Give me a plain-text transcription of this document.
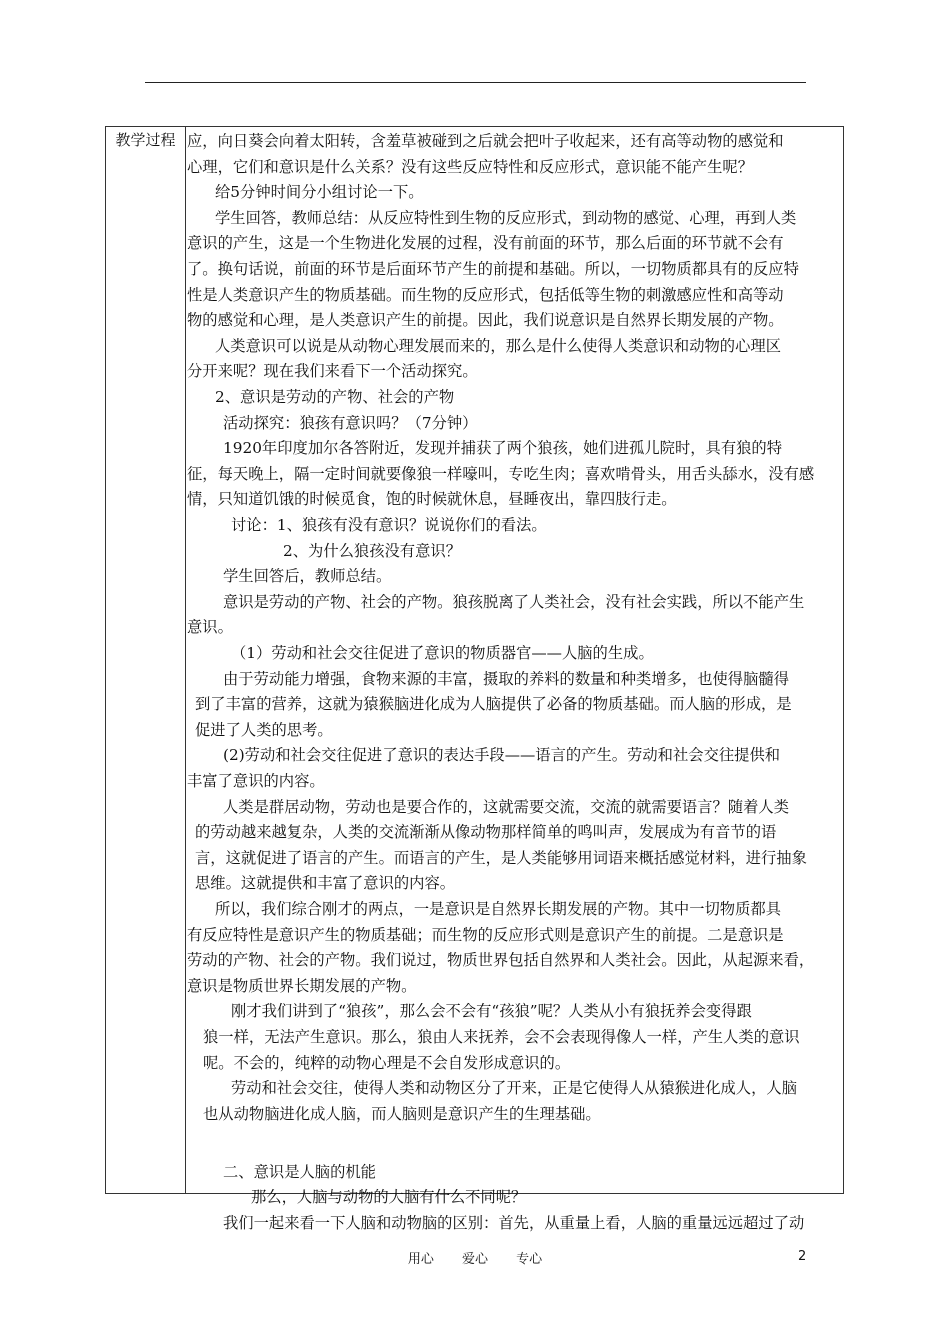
教学过程 应，向日葵会向着太阳转，含羞草被碰到之后就会把叶子收起来，还有高等动物的感觉和
心理，它们和意识是什么关系？没有这些反应特性和反应形式，意识能不能产生呢？
给5分钟时间分小组讨论一下。
学生回答，教师总结：从反应特性到生物的反应形式，到动物的感觉、心理，再到人类
意识的产生，这是一个生物进化发展的过程，没有前面的环节，那么后面的环节就不会有
了。换句话说，前面的环节是后面环节产生的前提和基础。所以，一切物质都具有的反应特
性是人类意识产生的物质基础。而生物的反应形式，包括低等生物的刺激感应性和高等动
物的感觉和心理，是人类意识产生的前提。因此，我们说意识是自然界长期发展的产物。
人类意识可以说是从动物心理发展而来的，那么是什么使得人类意识和动物的心理区
分开来呢？现在我们来看下一个活动探究。
2、意识是劳动的产物、社会的产物
活动探究：狼孩有意识吗？（7分钟）
1920年印度加尔各答附近，发现并捕获了两个狼孩，她们进孤儿院时，具有狼的特
征，每天晚上，隔一定时间就要像狼一样嚎叫，专吃生肉；喜欢啃骨头，用舌头舔水，没有感
情，只知道饥饿的时候觅食，饱的时候就休息，昼睡夜出，靠四肢行走。
讨论：1、狼孩有没有意识？说说你们的看法。
2、为什么狼孩没有意识？
学生回答后，教师总结。
意识是劳动的产物、社会的产物。狼孩脱离了人类社会，没有社会实践，所以不能产生
意识。
（1）劳动和社会交往促进了意识的物质器官——人脑的生成。
由于劳动能力增强，食物来源的丰富，摄取的养料的数量和种类增多，也使得脑髓得
到了丰富的营养，这就为猿猴脑进化成为人脑提供了必备的物质基础。而人脑的形成，是
促进了人类的思考。
(2)劳动和社会交往促进了意识的表达手段——语言的产生。劳动和社会交往提供和
丰富了意识的内容。
人类是群居动物，劳动也是要合作的，这就需要交流，交流的就需要语言？随着人类
的劳动越来越复杂，人类的交流渐渐从像动物那样简单的鸣叫声，发展成为有音节的语
言，这就促进了语言的产生。而语言的产生，是人类能够用词语来概括感觉材料，进行抽象
思维。这就提供和丰富了意识的内容。
所以，我们综合刚才的两点，一是意识是自然界长期发展的产物。其中一切物质都具
有反应特性是意识产生的物质基础；而生物的反应形式则是意识产生的前提。二是意识是
劳动的产物、社会的产物。我们说过，物质世界包括自然界和人类社会。因此，从起源来看，
意识是物质世界长期发展的产物。
刚才我们讲到了“狼孩”，那么会不会有“孩狼”呢？人类从小有狼抚养会变得跟
狼一样，无法产生意识。那么，狼由人来抚养，会不会表现得像人一样，产生人类的意识
呢。不会的，纯粹的动物心理是不会自发形成意识的。
劳动和社会交往，使得人类和动物区分了开来，正是它使得人从猿猴进化成人，人脑
也从动物脑进化成人脑，而人脑则是意识产生的生理基础。
二、意识是人脑的机能
那么，人脑与动物的大脑有什么不同呢？
我们一起来看一下人脑和动物脑的区别：首先，从重量上看，人脑的重量远远超过了动
用心 爱心 专心	2
